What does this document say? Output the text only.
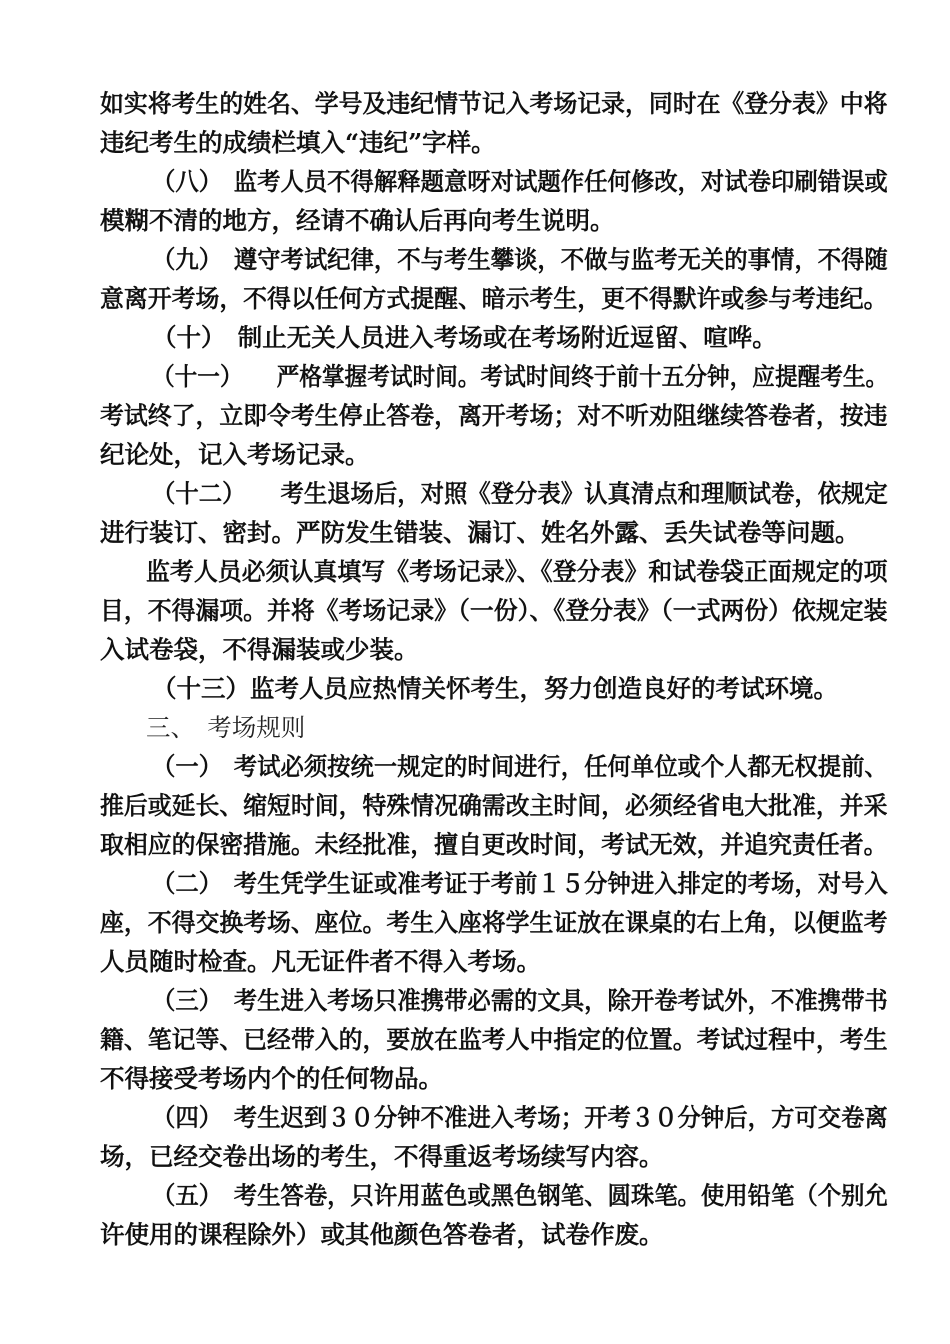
如实将考生的姓名、学号及违纪情节记入考场记录，同时在《登分表》中将
违纪考生的成绩栏填入“违纪”字样。
（八）　监考人员不得解释题意呀对试题作任何修改，对试卷印刷错误或
模糊不清的地方，经请不确认后再向考生说明。
（九）　遵守考试纪律，不与考生攀谈，不做与监考无关的事情，不得随
意离开考场，不得以任何方式提醒、暗示考生，更不得默许或参与考违纪。
（十）　制止无关人员进入考场或在考场附近逗留、喧哗。
（十一）　　严格掌握考试时间。考试时间终于前十五分钟，应提醒考生。
考试终了，立即令考生停止答卷，离开考场；对不听劝阻继续答卷者，按违
纪论处，记入考场记录。
（十二）　　考生退场后，对照《登分表》认真清点和理顺试卷，依规定
进行装订、密封。严防发生错装、漏订、姓名外露、丢失试卷等问题。
监考人员必须认真填写《考场记录》、《登分表》和试卷袋正面规定的项
目，不得漏项。并将《考场记录》（一份）、《登分表》（一式两份）依规定装
入试卷袋，不得漏装或少装。
（十三）监考人员应热情关怀考生，努力创造良好的考试环境。
三、　考场规则
（一）　考试必须按统一规定的时间进行，任何单位或个人都无权提前、
推后或延长、缩短时间，特殊情况确需改主时间，必须经省电大批准，并采
取相应的保密措施。未经批准，擅自更改时间，考试无效，并追究责任者。
（二）　考生凭学生证或准考证于考前１５分钟进入排定的考场，对号入
座，不得交换考场、座位。考生入座将学生证放在课桌的右上角，以便监考
人员随时检查。凡无证件者不得入考场。
（三）　考生进入考场只准携带必需的文具，除开卷考试外，不准携带书
籍、笔记等、已经带入的，要放在监考人中指定的位置。考试过程中，考生
不得接受考场内个的任何物品。
（四）　考生迟到３０分钟不准进入考场；开考３０分钟后，方可交卷离
场，已经交卷出场的考生，不得重返考场续写内容。
（五）　考生答卷，只许用蓝色或黑色钢笔、圆珠笔。使用铅笔（个别允
许使用的课程除外）或其他颜色答卷者，试卷作废。
